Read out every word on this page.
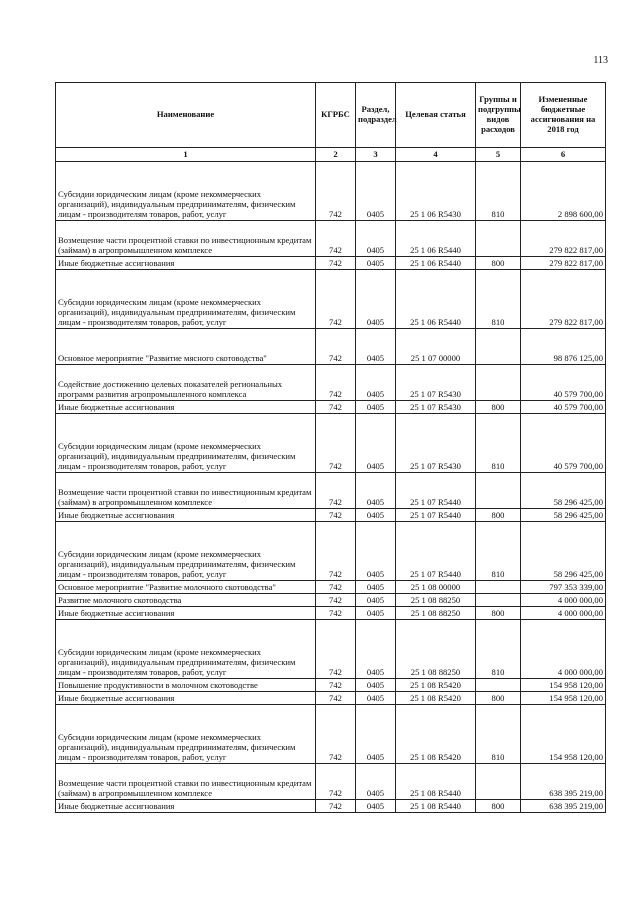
113
Наименование	КГРБС	Раздел, подраздел	Целевая статья	Группы и подгруппы видов расходов	Измененные бюджетные ассигнования на 2018 год
1	2	3	4	5	6
Субсидии юридическим лицам (кроме некоммерческих организаций), индивидуальным предпринимателям, физическим лицам - производителям товаров, работ, услуг	742	0405	25 1 06 R5430	810	2 898 600,00
Возмещение части процентной ставки по инвестиционным кредитам (займам) в агропромышленном комплексе	742	0405	25 1 06 R5440		279 822 817,00
Иные бюджетные ассигнования	742	0405	25 1 06 R5440	800	279 822 817,00
Субсидии юридическим лицам (кроме некоммерческих организаций), индивидуальным предпринимателям, физическим лицам - производителям товаров, работ, услуг	742	0405	25 1 06 R5440	810	279 822 817,00
Основное мероприятие "Развитие мясного скотоводства"	742	0405	25 1 07 00000		98 876 125,00
Содействие достижению целевых показателей региональных программ развития агропромышленного комплекса	742	0405	25 1 07 R5430		40 579 700,00
Иные бюджетные ассигнования	742	0405	25 1 07 R5430	800	40 579 700,00
Субсидии юридическим лицам (кроме некоммерческих организаций), индивидуальным предпринимателям, физическим лицам - производителям товаров, работ, услуг	742	0405	25 1 07 R5430	810	40 579 700,00
Возмещение части процентной ставки по инвестиционным кредитам (займам) в агропромышленном комплексе	742	0405	25 1 07 R5440		58 296 425,00
Иные бюджетные ассигнования	742	0405	25 1 07 R5440	800	58 296 425,00
Субсидии юридическим лицам (кроме некоммерческих организаций), индивидуальным предпринимателям, физическим лицам - производителям товаров, работ, услуг	742	0405	25 1 07 R5440	810	58 296 425,00
Основное мероприятие "Развитие молочного скотоводства"	742	0405	25 1 08 00000		797 353 339,00
Развитие молочного скотоводства	742	0405	25 1 08 88250		4 000 000,00
Иные бюджетные ассигнования	742	0405	25 1 08 88250	800	4 000 000,00
Субсидии юридическим лицам (кроме некоммерческих организаций), индивидуальным предпринимателям, физическим лицам - производителям товаров, работ, услуг	742	0405	25 1 08 88250	810	4 000 000,00
Повышение продуктивности в молочном скотоводстве	742	0405	25 1 08 R5420		154 958 120,00
Иные бюджетные ассигнования	742	0405	25 1 08 R5420	800	154 958 120,00
Субсидии юридическим лицам (кроме некоммерческих организаций), индивидуальным предпринимателям, физическим лицам - производителям товаров, работ, услуг	742	0405	25 1 08 R5420	810	154 958 120,00
Возмещение части процентной ставки по инвестиционным кредитам (займам) в агропромышленном комплексе	742	0405	25 1 08 R5440		638 395 219,00
Иные бюджетные ассигнования	742	0405	25 1 08 R5440	800	638 395 219,00
